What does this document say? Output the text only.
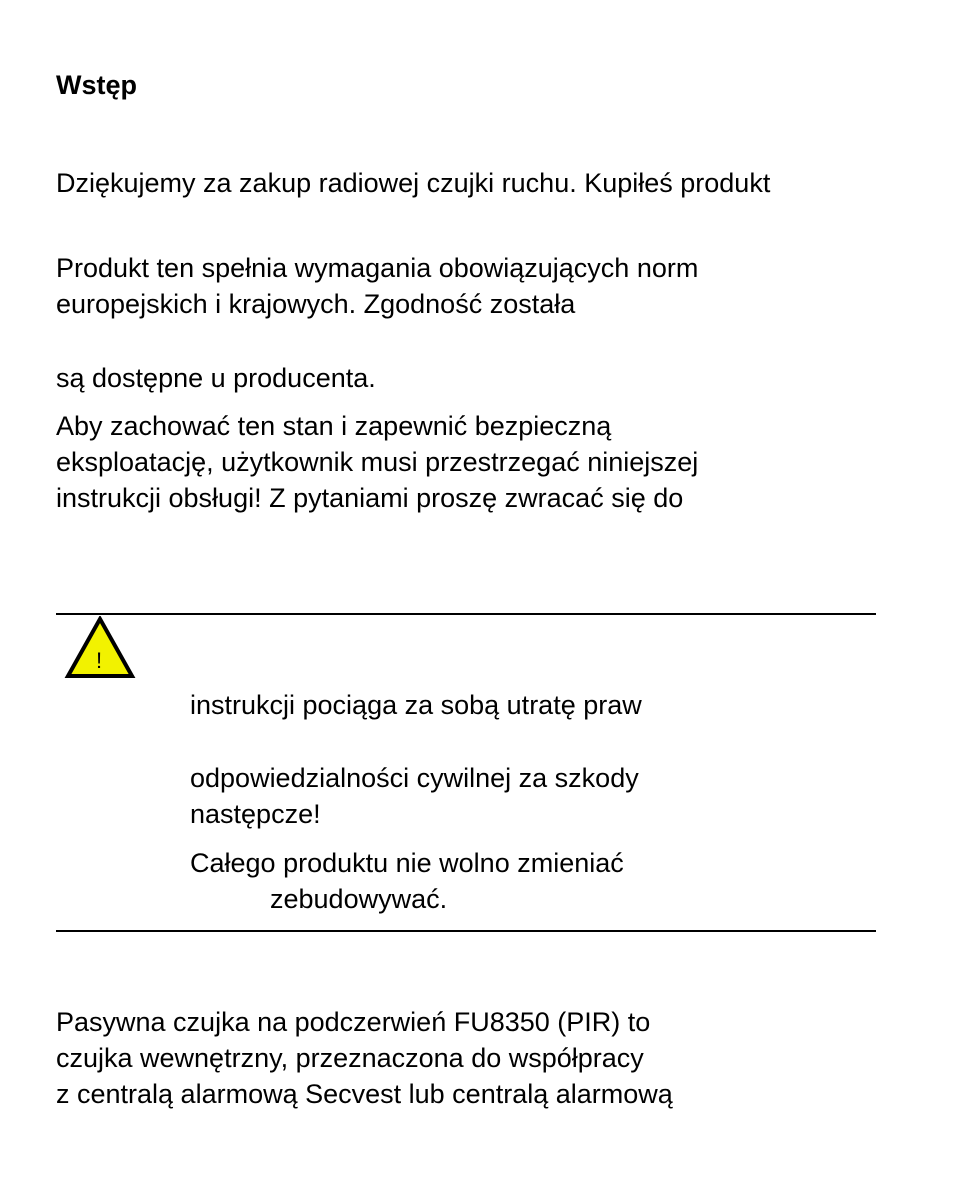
Wstęp
Dziękujemy za zakup radiowej czujki ruchu. Kupiłeś produkt
Produkt ten spełnia wymagania obowiązujących norm
europejskich i krajowych. Zgodność została
są dostępne u producenta.
Aby zachować ten stan i zapewnić bezpieczną
eksploatację, użytkownik musi przestrzegać niniejszej
instrukcji obsługi! Z pytaniami proszę zwracać się do
!
instrukcji pociąga za sobą utratę praw
odpowiedzialności cywilnej za szkody
następcze!
Całego produktu nie wolno zmieniać
zebudowywać.
Pasywna czujka na podczerwień FU8350 (PIR) to
czujka wewnętrzny, przeznaczona do współpracy
z centralą alarmową Secvest lub centralą alarmową
